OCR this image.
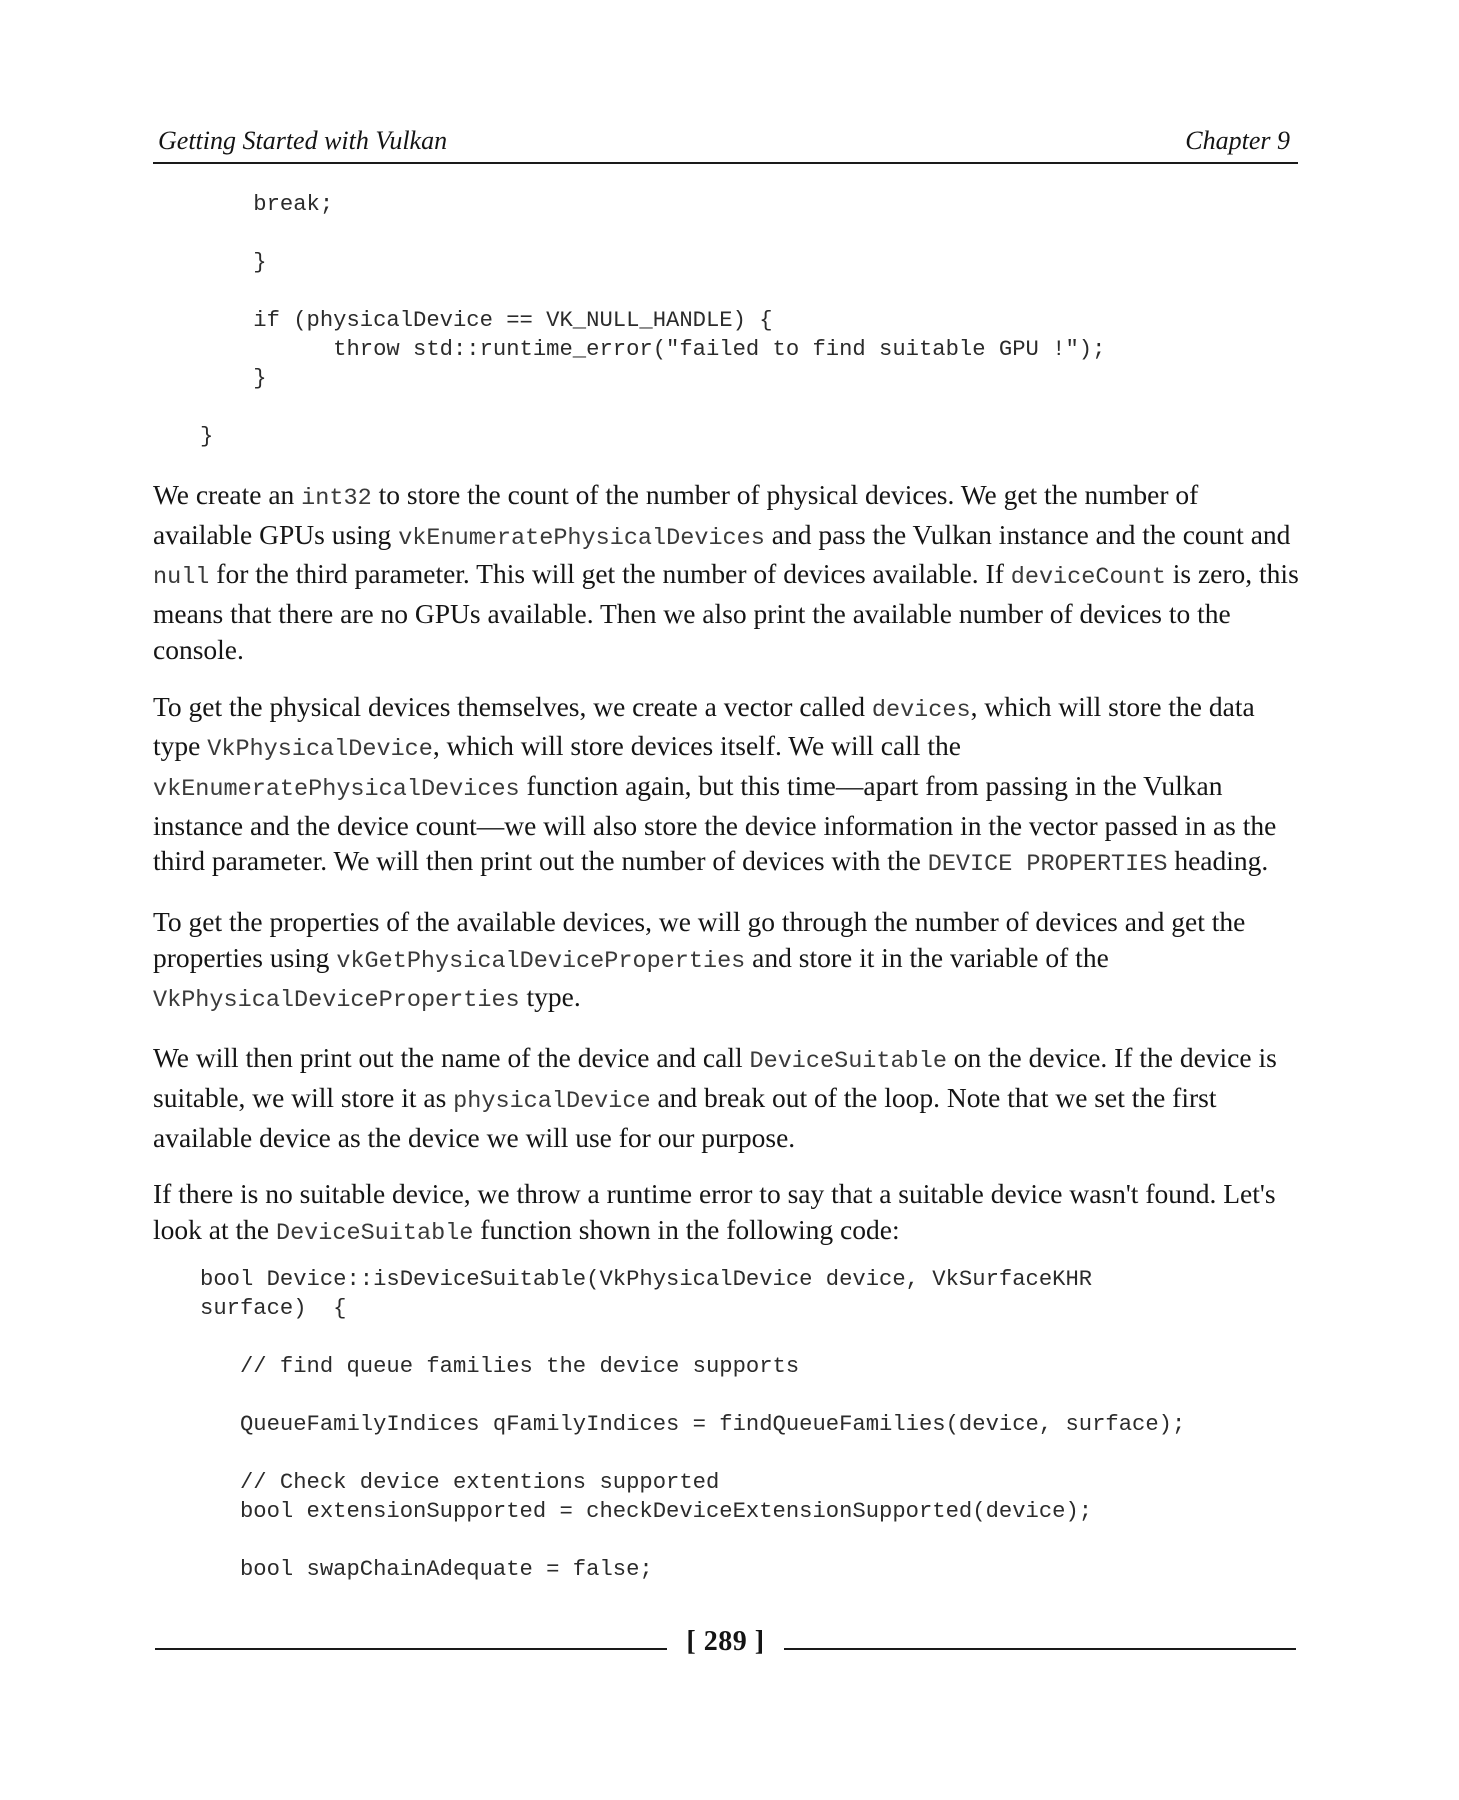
Getting Started with Vulkan	Chapter 9
break;
}
if (physicalDevice == VK_NULL_HANDLE) {
throw std::runtime_error("failed to find suitable GPU !");
}
}

We create an int32 to store the count of the number of physical devices. We get the number of available GPUs using vkEnumeratePhysicalDevices and pass the Vulkan instance and the count and null for the third parameter. This will get the number of devices available. If deviceCount is zero, this means that there are no GPUs available. Then we also print the available number of devices to the console.

To get the physical devices themselves, we create a vector called devices, which will store the data type VkPhysicalDevice, which will store devices itself. We will call the vkEnumeratePhysicalDevices function again, but this time—apart from passing in the Vulkan instance and the device count—we will also store the device information in the vector passed in as the third parameter. We will then print out the number of devices with the DEVICE PROPERTIES heading.

To get the properties of the available devices, we will go through the number of devices and get the properties using vkGetPhysicalDeviceProperties and store it in the variable of the VkPhysicalDeviceProperties type.

We will then print out the name of the device and call DeviceSuitable on the device. If the device is suitable, we will store it as physicalDevice and break out of the loop. Note that we set the first available device as the device we will use for our purpose.

If there is no suitable device, we throw a runtime error to say that a suitable device wasn't found. Let's look at the DeviceSuitable function shown in the following code:

bool Device::isDeviceSuitable(VkPhysicalDevice device, VkSurfaceKHR
surface)  {
// find queue families the device supports
QueueFamilyIndices qFamilyIndices = findQueueFamilies(device, surface);
// Check device extentions supported
bool extensionSupported = checkDeviceExtensionSupported(device);
bool swapChainAdequate = false;
[ 289 ]
